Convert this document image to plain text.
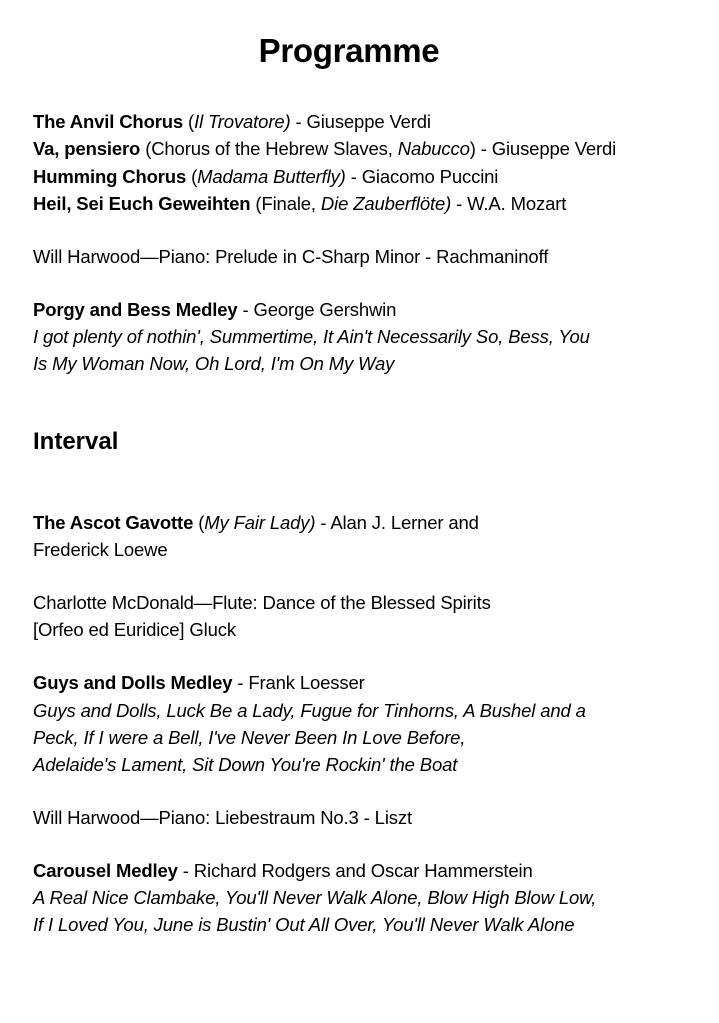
Programme
The Anvil Chorus (Il Trovatore) - Giuseppe Verdi
Va, pensiero (Chorus of the Hebrew Slaves, Nabucco) - Giuseppe Verdi
Humming Chorus (Madama Butterfly) - Giacomo Puccini
Heil, Sei Euch Geweihten (Finale, Die Zauberflöte) - W.A. Mozart
Will Harwood—Piano: Prelude in C-Sharp Minor - Rachmaninoff
Porgy and Bess Medley - George Gershwin
I got plenty of nothin', Summertime, It Ain't Necessarily So, Bess, You
Is My Woman Now, Oh Lord, I'm On My Way
Interval
The Ascot Gavotte (My Fair Lady) - Alan J. Lerner and
Frederick Loewe
Charlotte McDonald—Flute: Dance of the Blessed Spirits
[Orfeo ed Euridice] Gluck
Guys and Dolls Medley - Frank Loesser
Guys and Dolls, Luck Be a Lady, Fugue for Tinhorns, A Bushel and a
Peck, If I were a Bell, I've Never Been In Love Before,
Adelaide's Lament, Sit Down You're Rockin' the Boat
Will Harwood—Piano: Liebestraum No.3 - Liszt
Carousel Medley - Richard Rodgers and Oscar Hammerstein
A Real Nice Clambake, You'll Never Walk Alone, Blow High Blow Low,
If I Loved You, June is Bustin' Out All Over, You'll Never Walk Alone
